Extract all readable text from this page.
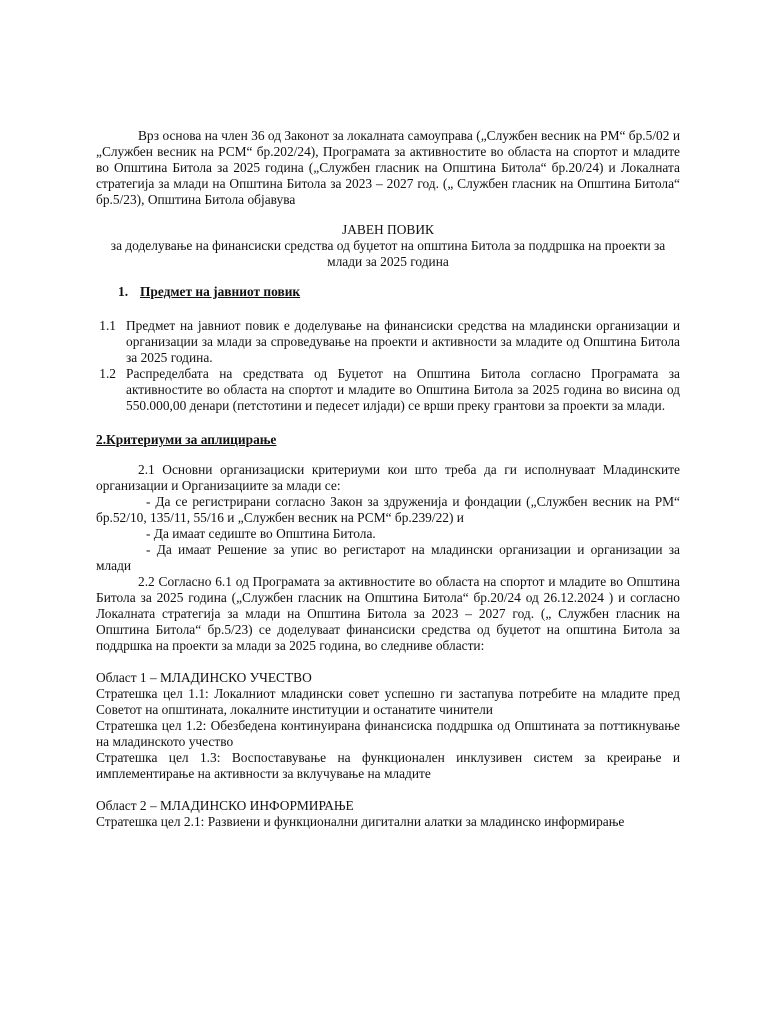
Врз основа на член 36 од Законот за локалната самоуправа („Службен весник на РМ“ бр.5/02 и „Службен весник на РСМ“ бр.202/24), Програмата за активностите во областа на спортот и младите во Општина Битола за 2025 година („Службен гласник на Општина Битола“ бр.20/24) и Локалната стратегија за млади на Општина Битола за 2023 – 2027 год. („ Службен гласник на Општина Битола“ бр.5/23), Општина Битола објавува

ЈАВЕН ПОВИК

за доделување на финансиски средства од буџетот на општина Битола за поддршка на проекти за млади за 2025 година

1. Предмет на јавниот повик

1.1 Предмет на јавниот повик е доделување на финансиски средства на младински организации и организации за млади за спроведување на проекти и активности за младите од Општина Битола за 2025 година.
1.2 Распределбата на средствата од Буџетот на Општина Битола согласно Програмата за активностите во областа на спортот и младите во Општина Битола за 2025 година во висина од 550.000,00 денари (петстотини и педесет илјади) се врши преку грантови за проекти за млади.

2.Критериуми за аплицирање

2.1 Основни организациски критериуми кои што треба да ги исполнуваат Младинските организации и Организациите за млади се:

- Да се регистрирани согласно Закон за здруженија и фондации („Службен весник на РМ“ бр.52/10, 135/11, 55/16 и „Службен весник на РСМ“ бр.239/22) и

- Да имаат седиште во Општина Битола.

- Да имаат Решение за упис во регистарот на младински организации и организации за млади

2.2 Согласно 6.1 од Програмата за активностите во областа на спортот и младите во Општина Битола за 2025 година („Службен гласник на Општина Битола“ бр.20/24 од 26.12.2024 ) и согласно Локалната стратегија за млади на Општина Битола за 2023 – 2027 год. („ Службен гласник на Општина Битола“ бр.5/23) се доделуваат финансиски средства од буџетот на општина Битола за поддршка на проекти за млади за 2025 година, во следниве области:

Област 1 – МЛАДИНСКО УЧЕСТВО

Стратешка цел 1.1: Локалниот младински совет успешно ги застапува потребите на младите пред Советот на општината, локалните институции и останатите чинители

Стратешка цел 1.2: Обезбедена континуирана финансиска поддршка од Општината за поттикнување на младинското учество

Стратешка цел 1.3: Воспоставување на функционален инклузивен систем за креирање и имплементирање на активности за вклучување на младите

Област 2 – МЛАДИНСКО ИНФОРМИРАЊЕ

Стратешка цел 2.1: Развиени и функционални дигитални алатки за младинско информирање
